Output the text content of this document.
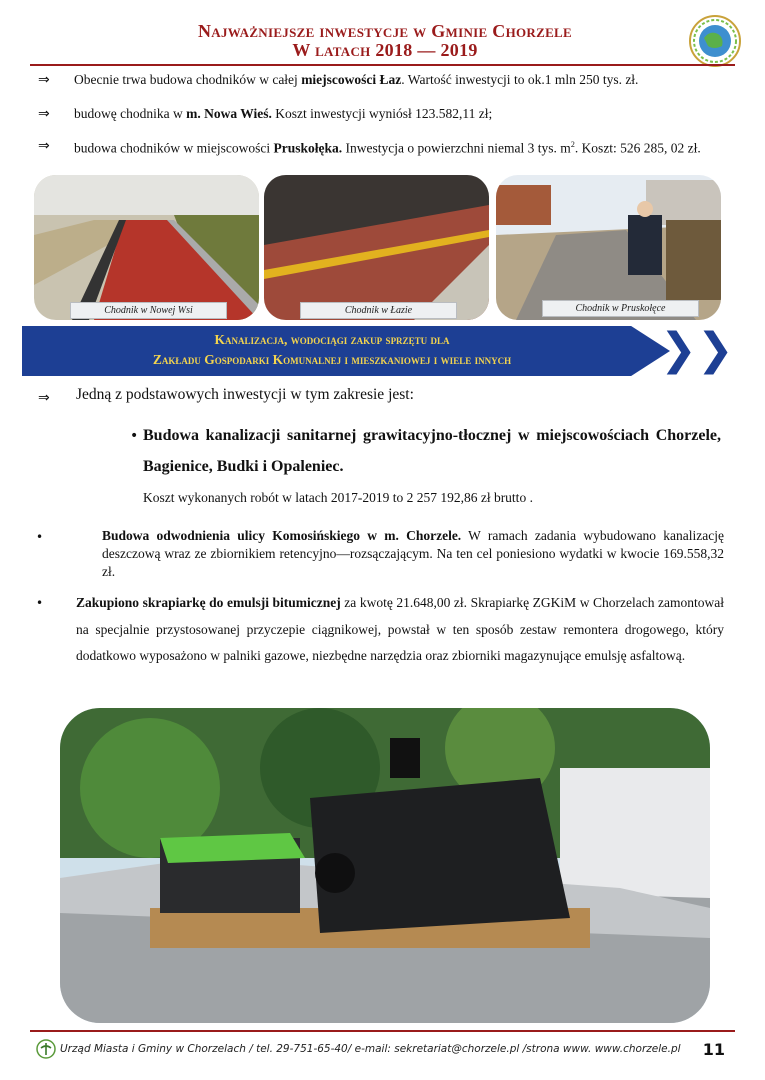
Najważniejsze inwestycje w Gminie Chorzele
W latach 2018 — 2019
⇒ Obecnie trwa budowa chodników w całej miejscowości Łaz. Wartość inwestycji to ok.1 mln 250 tys. zł.
⇒ budowę chodnika w m. Nowa Wieś. Koszt inwestycji wyniósł 123.582,11 zł;
⇒ budowa chodników w miejscowości Pruskołęka. Inwestycja o powierzchni niemal 3 tys. $m^2$. Koszt: 526 285, 02 zł.
Chodnik w Nowej Wsi	Chodnik w Łazie	Chodnik w Pruskołęce
Kanalizacja, wodociągi zakup sprzętu dla
Zakładu Gospodarki Komunalnej i mieszkaniowej i wiele innych	❯❯
⇒ Jedną z podstawowych inwestycji w tym zakresie jest:
• Budowa kanalizacji sanitarnej grawitacyjno-tłocznej w miejscowościach Chorzele, Bagienice, Budki i Opaleniec.
Koszt wykonanych robót w latach 2017-2019 to 2 257 192,86 zł brutto .
•	Budowa odwodnienia ulicy Komosińskiego w m. Chorzele. W ramach zadania wybudowano kanalizację deszczową wraz ze zbiornikiem retencyjno—rozsączającym. Na ten cel poniesiono wydatki w kwocie 169.558,32 zł.
• Zakupiono skrapiarkę do emulsji bitumicznej za kwotę 21.648,00 zł. Skrapiarkę ZGKiM w Chorzelach zamontował na specjalnie przystosowanej przyczepie ciągnikowej, powstał w ten sposób zestaw remontera drogowego, który dodatkowo wyposażono w palniki gazowe, niezbędne narzędzia oraz zbiorniki magazynujące emulsję asfaltową.
Urząd Miasta i Gminy w Chorzelach / tel. 29-751-65-40/ e-mail: sekretariat@chorzele.pl /strona www. www.chorzele.pl 11
